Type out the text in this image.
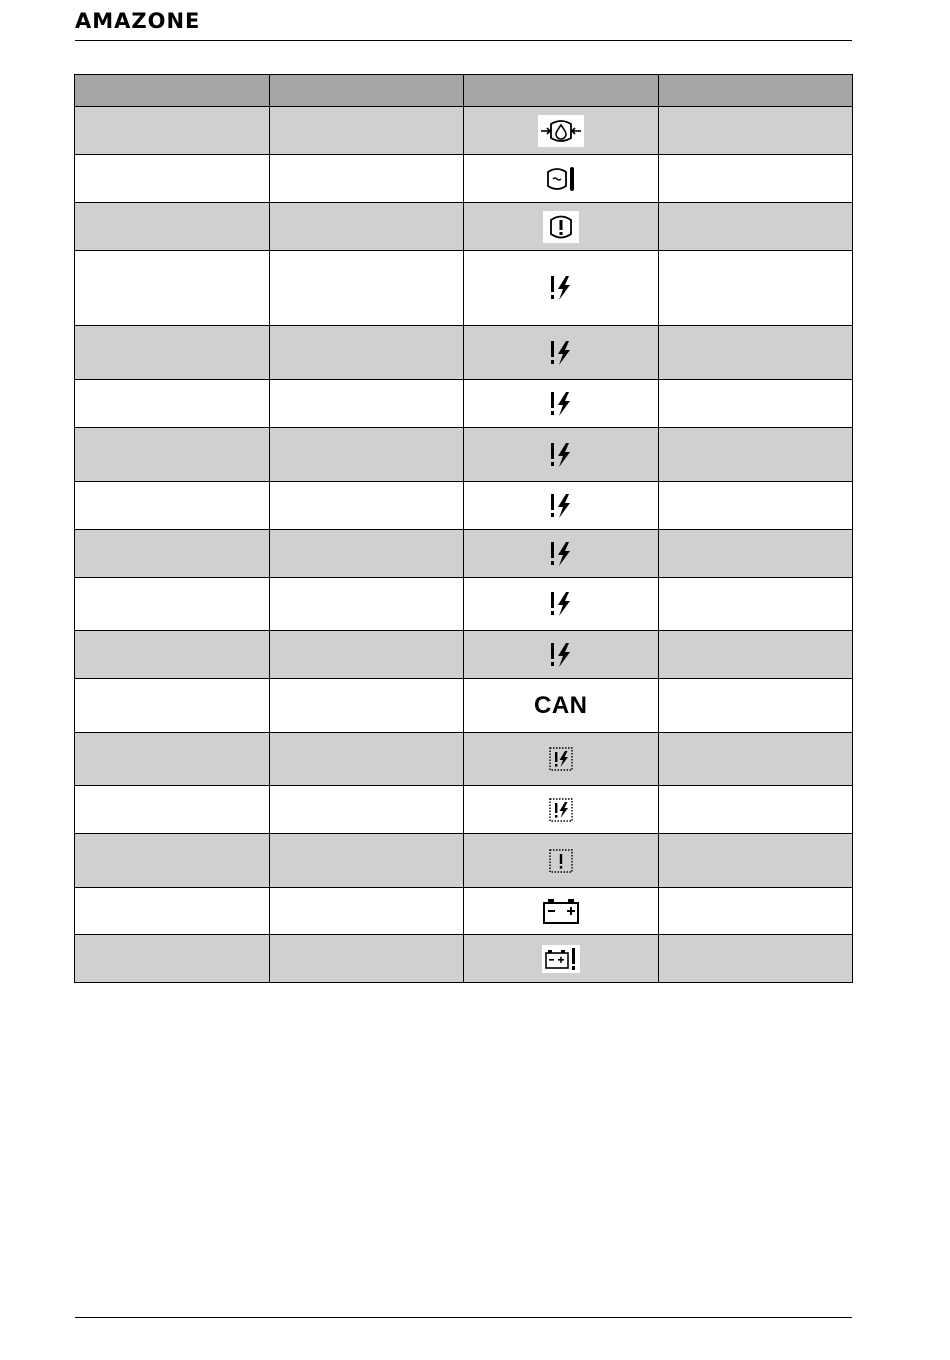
AMAZONE

		CAN	
